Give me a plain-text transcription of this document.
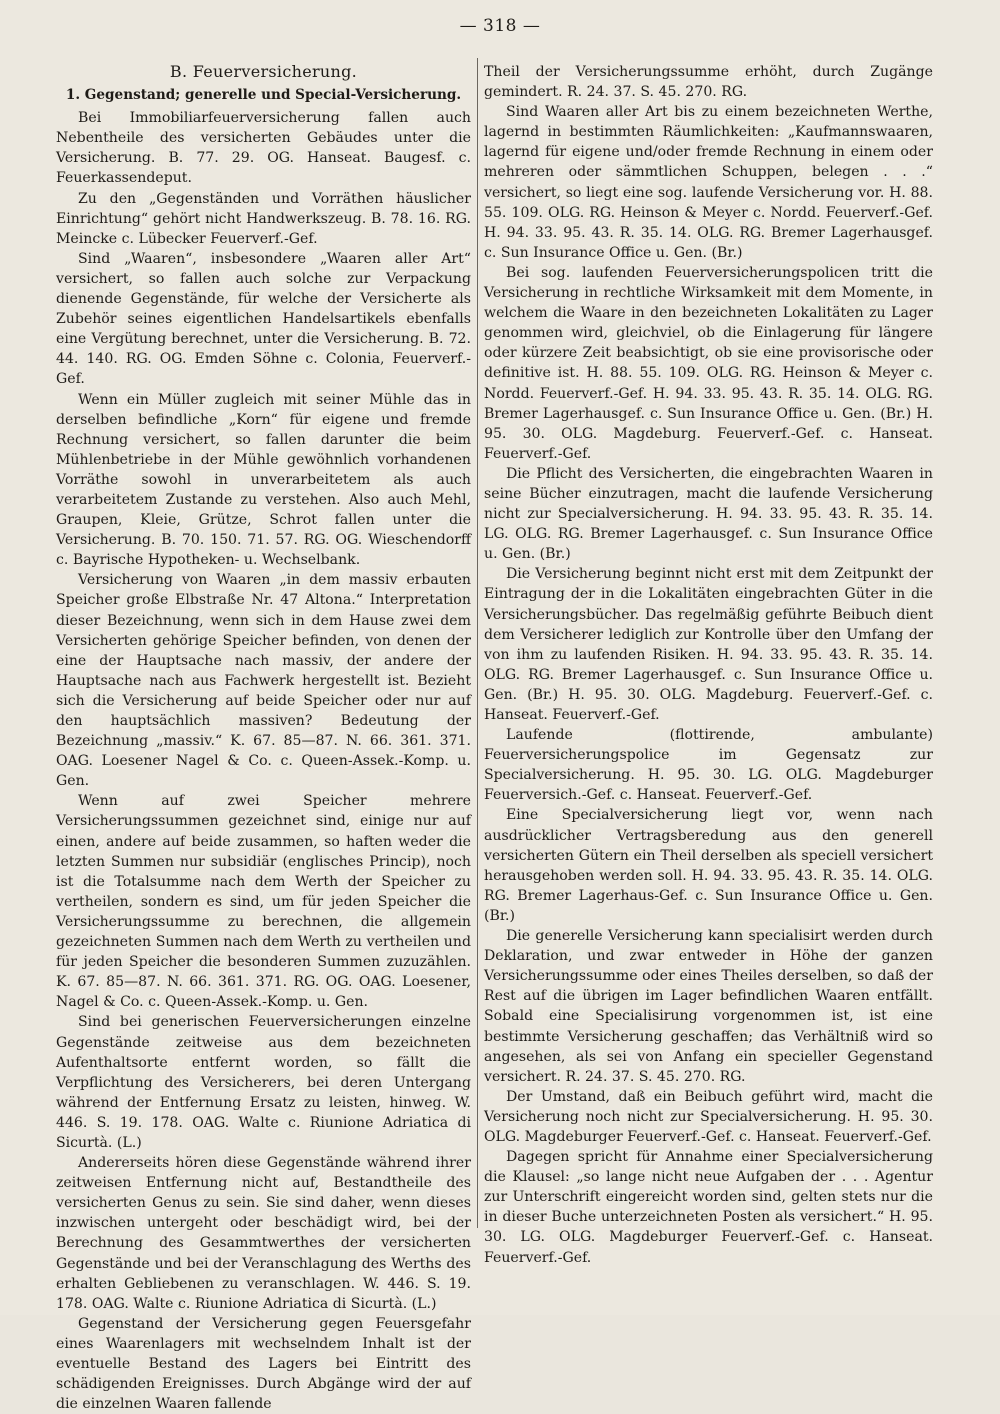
— 318 —
B. Feuerversicherung.
1. Gegenstand; generelle und Special-Versicherung.

Bei Immobiliarfeuerversicherung fallen auch Nebentheile des versicherten Gebäudes unter die Versicherung. B. 77. 29. OG. Hanseat. Baugesf. c. Feuerkassendeput.

Zu den „Gegenständen und Vorräthen häuslicher Einrichtung“ gehört nicht Handwerkszeug. B. 78. 16. RG. Meincke c. Lübecker Feuerverf.-Gef.

Sind „Waaren“, insbesondere „Waaren aller Art“ versichert, so fallen auch solche zur Verpackung dienende Gegenstände, für welche der Versicherte als Zubehör seines eigentlichen Handelsartikels ebenfalls eine Vergütung berechnet, unter die Versicherung. B. 72. 44. 140. RG. OG. Emden Söhne c. Colonia, Feuerverf.-Gef.

Wenn ein Müller zugleich mit seiner Mühle das in derselben befindliche „Korn“ für eigene und fremde Rechnung versichert, so fallen darunter die beim Mühlenbetriebe in der Mühle gewöhnlich vorhandenen Vorräthe sowohl in unverarbeitetem als auch verarbeitetem Zustande zu verstehen. Also auch Mehl, Graupen, Kleie, Grütze, Schrot fallen unter die Versicherung. B. 70. 150. 71. 57. RG. OG. Wieschendorff c. Bayrische Hypotheken- u. Wechselbank.

Versicherung von Waaren „in dem massiv erbauten Speicher große Elbstraße Nr. 47 Altona.“ Interpretation dieser Bezeichnung, wenn sich in dem Hause zwei dem Versicherten gehörige Speicher befinden, von denen der eine der Hauptsache nach massiv, der andere der Hauptsache nach aus Fachwerk hergestellt ist. Bezieht sich die Versicherung auf beide Speicher oder nur auf den hauptsächlich massiven? Bedeutung der Bezeichnung „massiv.“ K. 67. 85—87. N. 66. 361. 371. OAG. Loesener Nagel & Co. c. Queen-Assek.-Komp. u. Gen.

Wenn auf zwei Speicher mehrere Versicherungssummen gezeichnet sind, einige nur auf einen, andere auf beide zusammen, so haften weder die letzten Summen nur subsidiär (englisches Princip), noch ist die Totalsumme nach dem Werth der Speicher zu vertheilen, sondern es sind, um für jeden Speicher die Versicherungssumme zu berechnen, die allgemein gezeichneten Summen nach dem Werth zu vertheilen und für jeden Speicher die besonderen Summen zuzuzählen. K. 67. 85—87. N. 66. 361. 371. RG. OG. OAG. Loesener, Nagel & Co. c. Queen-Assek.-Komp. u. Gen.

Sind bei generischen Feuerversicherungen einzelne Gegenstände zeitweise aus dem bezeichneten Aufenthaltsorte entfernt worden, so fällt die Verpflichtung des Versicherers, bei deren Untergang während der Entfernung Ersatz zu leisten, hinweg. W. 446. S. 19. 178. OAG. Walte c. Riunione Adriatica di Sicurtà. (L.)

Andererseits hören diese Gegenstände während ihrer zeitweisen Entfernung nicht auf, Bestandtheile des versicherten Genus zu sein. Sie sind daher, wenn dieses inzwischen untergeht oder beschädigt wird, bei der Berechnung des Gesammtwerthes der versicherten Gegenstände und bei der Veranschlagung des Werths des erhalten Gebliebenen zu veranschlagen. W. 446. S. 19. 178. OAG. Walte c. Riunione Adriatica di Sicurtà. (L.)

Gegenstand der Versicherung gegen Feuersgefahr eines Waarenlagers mit wechselndem Inhalt ist der eventuelle Bestand des Lagers bei Eintritt des schädigenden Ereignisses. Durch Abgänge wird der auf die einzelnen Waaren fallende

Theil der Versicherungssumme erhöht, durch Zugänge gemindert. R. 24. 37. S. 45. 270. RG.

Sind Waaren aller Art bis zu einem bezeichneten Werthe, lagernd in bestimmten Räumlichkeiten: „Kaufmannswaaren, lagernd für eigene und/oder fremde Rechnung in einem oder mehreren oder sämmtlichen Schuppen, belegen . . .“ versichert, so liegt eine sog. laufende Versicherung vor. H. 88. 55. 109. OLG. RG. Heinson & Meyer c. Nordd. Feuerverf.-Gef. H. 94. 33. 95. 43. R. 35. 14. OLG. RG. Bremer Lagerhausgef. c. Sun Insurance Office u. Gen. (Br.)

Bei sog. laufenden Feuerversicherungspolicen tritt die Versicherung in rechtliche Wirksamkeit mit dem Momente, in welchem die Waare in den bezeichneten Lokalitäten zu Lager genommen wird, gleichviel, ob die Einlagerung für längere oder kürzere Zeit beabsichtigt, ob sie eine provisorische oder definitive ist. H. 88. 55. 109. OLG. RG. Heinson & Meyer c. Nordd. Feuerverf.-Gef. H. 94. 33. 95. 43. R. 35. 14. OLG. RG. Bremer Lagerhausgef. c. Sun Insurance Office u. Gen. (Br.) H. 95. 30. OLG. Magdeburg. Feuerverf.-Gef. c. Hanseat. Feuerverf.-Gef.

Die Pflicht des Versicherten, die eingebrachten Waaren in seine Bücher einzutragen, macht die laufende Versicherung nicht zur Specialversicherung. H. 94. 33. 95. 43. R. 35. 14. LG. OLG. RG. Bremer Lagerhausgef. c. Sun Insurance Office u. Gen. (Br.)

Die Versicherung beginnt nicht erst mit dem Zeitpunkt der Eintragung der in die Lokalitäten eingebrachten Güter in die Versicherungsbücher. Das regelmäßig geführte Beibuch dient dem Versicherer lediglich zur Kontrolle über den Umfang der von ihm zu laufenden Risiken. H. 94. 33. 95. 43. R. 35. 14. OLG. RG. Bremer Lagerhausgef. c. Sun Insurance Office u. Gen. (Br.) H. 95. 30. OLG. Magdeburg. Feuerverf.-Gef. c. Hanseat. Feuerverf.-Gef.

Laufende (flottirende, ambulante) Feuerversicherungspolice im Gegensatz zur Specialversicherung. H. 95. 30. LG. OLG. Magdeburger Feuerversich.-Gef. c. Hanseat. Feuerverf.-Gef.

Eine Specialversicherung liegt vor, wenn nach ausdrücklicher Vertragsberedung aus den generell versicherten Gütern ein Theil derselben als speciell versichert herausgehoben werden soll. H. 94. 33. 95. 43. R. 35. 14. OLG. RG. Bremer Lagerhaus-Gef. c. Sun Insurance Office u. Gen. (Br.)

Die generelle Versicherung kann specialisirt werden durch Deklaration, und zwar entweder in Höhe der ganzen Versicherungssumme oder eines Theiles derselben, so daß der Rest auf die übrigen im Lager befindlichen Waaren entfällt. Sobald eine Specialisirung vorgenommen ist, ist eine bestimmte Versicherung geschaffen; das Verhältniß wird so angesehen, als sei von Anfang ein specieller Gegenstand versichert. R. 24. 37. S. 45. 270. RG.

Der Umstand, daß ein Beibuch geführt wird, macht die Versicherung noch nicht zur Specialversicherung. H. 95. 30. OLG. Magdeburger Feuerverf.-Gef. c. Hanseat. Feuerverf.-Gef.

Dagegen spricht für Annahme einer Specialversicherung die Klausel: „so lange nicht neue Aufgaben der . . . Agentur zur Unterschrift eingereicht worden sind, gelten stets nur die in dieser Buche unterzeichneten Posten als versichert.“ H. 95. 30. LG. OLG. Magdeburger Feuerverf.-Gef. c. Hanseat. Feuerverf.-Gef.
